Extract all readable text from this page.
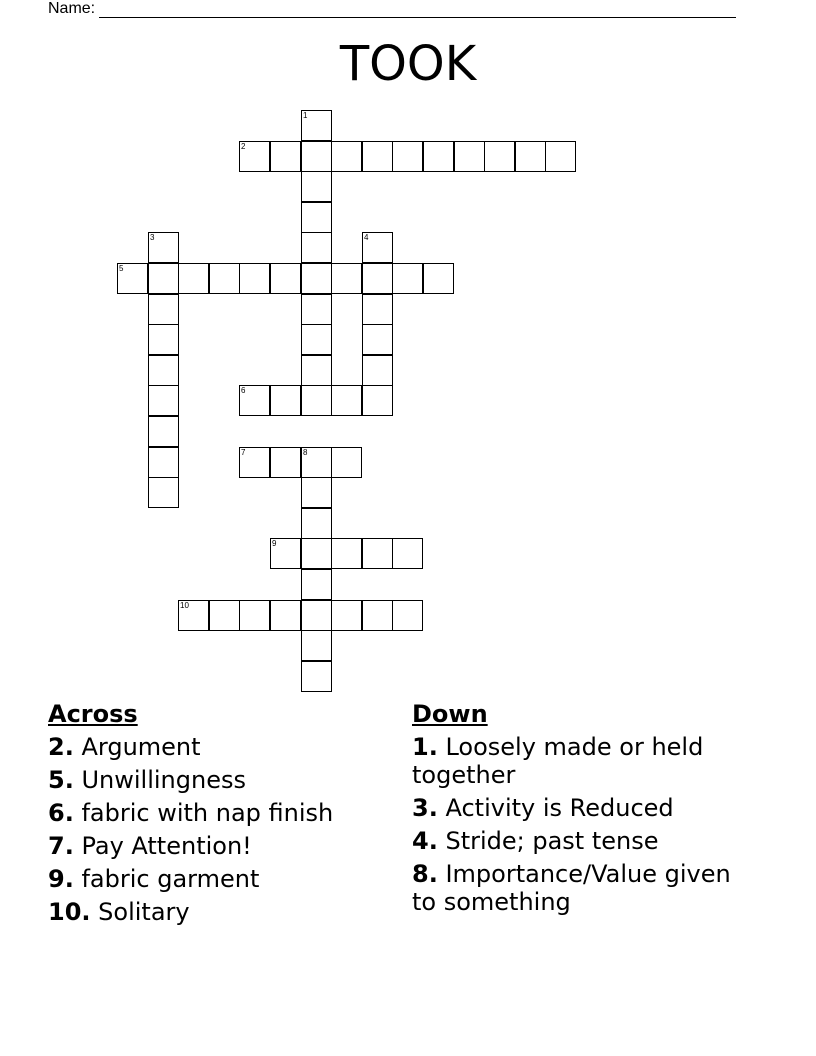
Name:
TOOK
2
5
6
7	8
9
10
1
3	4
Across
2. Argument
5. Unwillingness
6. fabric with nap finish
7. Pay Attention!
9. fabric garment
10. Solitary
Down
1. Loosely made or held together
3. Activity is Reduced
4. Stride; past tense
8. Importance/Value given to something
